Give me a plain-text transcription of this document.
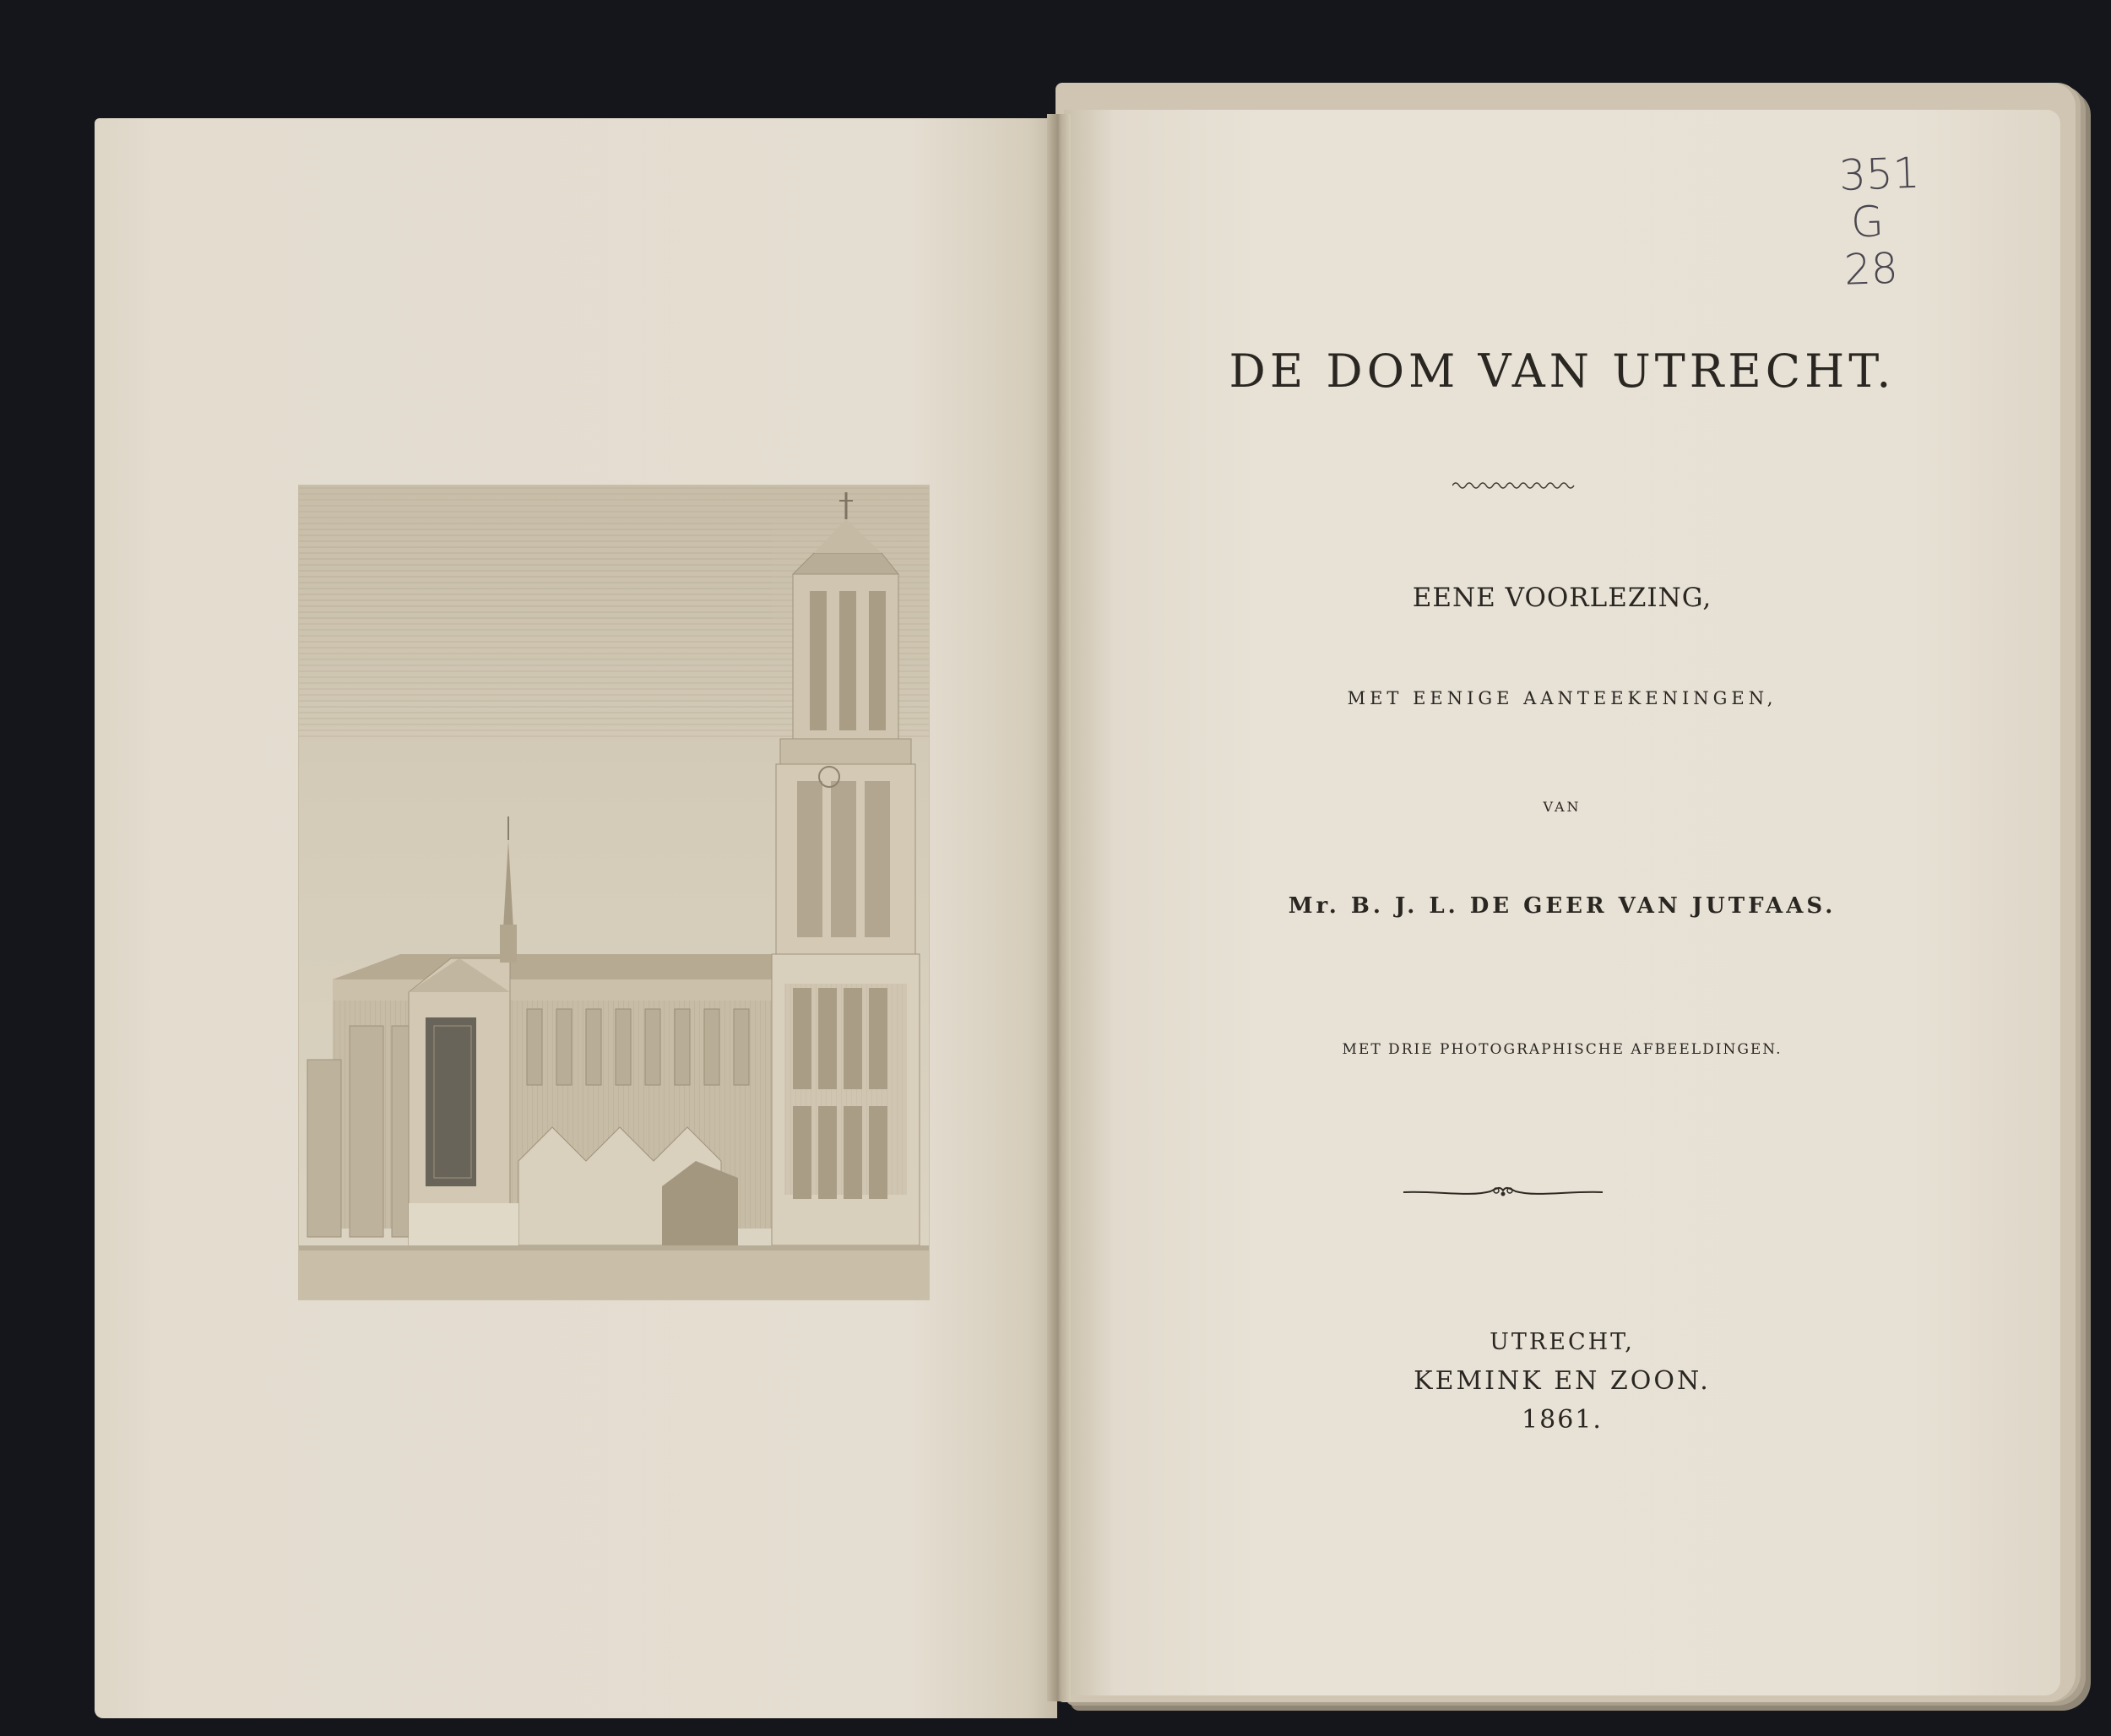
DE DOM VAN UTRECHT.
EENE VOORLEZING,
MET EENIGE AANTEEKENINGEN,
VAN
Mr. B. J. L. DE GEER VAN JUTFAAS.
MET DRIE PHOTOGRAPHISCHE AFBEELDINGEN.
UTRECHT,
KEMINK EN ZOON.
1861.
351
G
28
